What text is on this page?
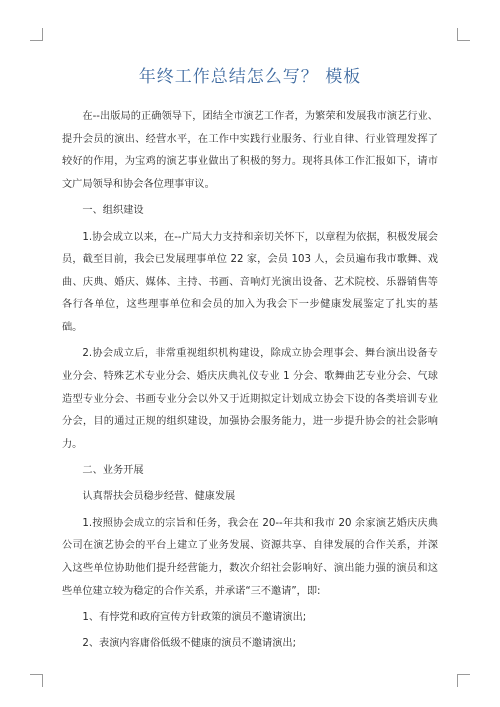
年终工作总结怎么写？ 模板

在--出版局的正确领导下，团结全市演艺工作者，为繁荣和发展我市演艺行业、提升会员的演出、经营水平，在工作中实践行业服务、行业自律、行业管理发挥了较好的作用，为宝鸡的演艺事业做出了积极的努力。现将具体工作汇报如下，请市文广局领导和协会各位理事审议。

一、组织建设

1.协会成立以来，在--广局大力支持和亲切关怀下，以章程为依据，积极发展会员，截至目前，我会已发展理事单位 22 家，会员 103 人，会员遍布我市歌舞、戏曲、庆典、婚庆、媒体、主持、书画、音响灯光演出设备、艺术院校、乐器销售等各行各单位，这些理事单位和会员的加入为我会下一步健康发展鉴定了扎实的基础。

2.协会成立后，非常重视组织机构建设，除成立协会理事会、舞台演出设备专业分会、特殊艺术专业分会、婚庆庆典礼仪专业 1 分会、歌舞曲艺专业分会、气球造型专业分会、书画专业分会以外又于近期拟定计划成立协会下设的各类培训专业分会，目的通过正规的组织建设，加强协会服务能力，进一步提升协会的社会影响力。

二、业务开展

认真帮扶会员稳步经营、健康发展

1.按照协会成立的宗旨和任务，我会在 20--年共和我市 20 余家演艺婚庆庆典公司在演艺协会的平台上建立了业务发展、资源共享、自律发展的合作关系，并深入这些单位协助他们提升经营能力，数次介绍社会影响好、演出能力强的演员和这些单位建立较为稳定的合作关系，并承诺“三不邀请”，即:

1、有悖党和政府宣传方针政策的演员不邀请演出;

2、表演内容庸俗低级不健康的演员不邀请演出;
